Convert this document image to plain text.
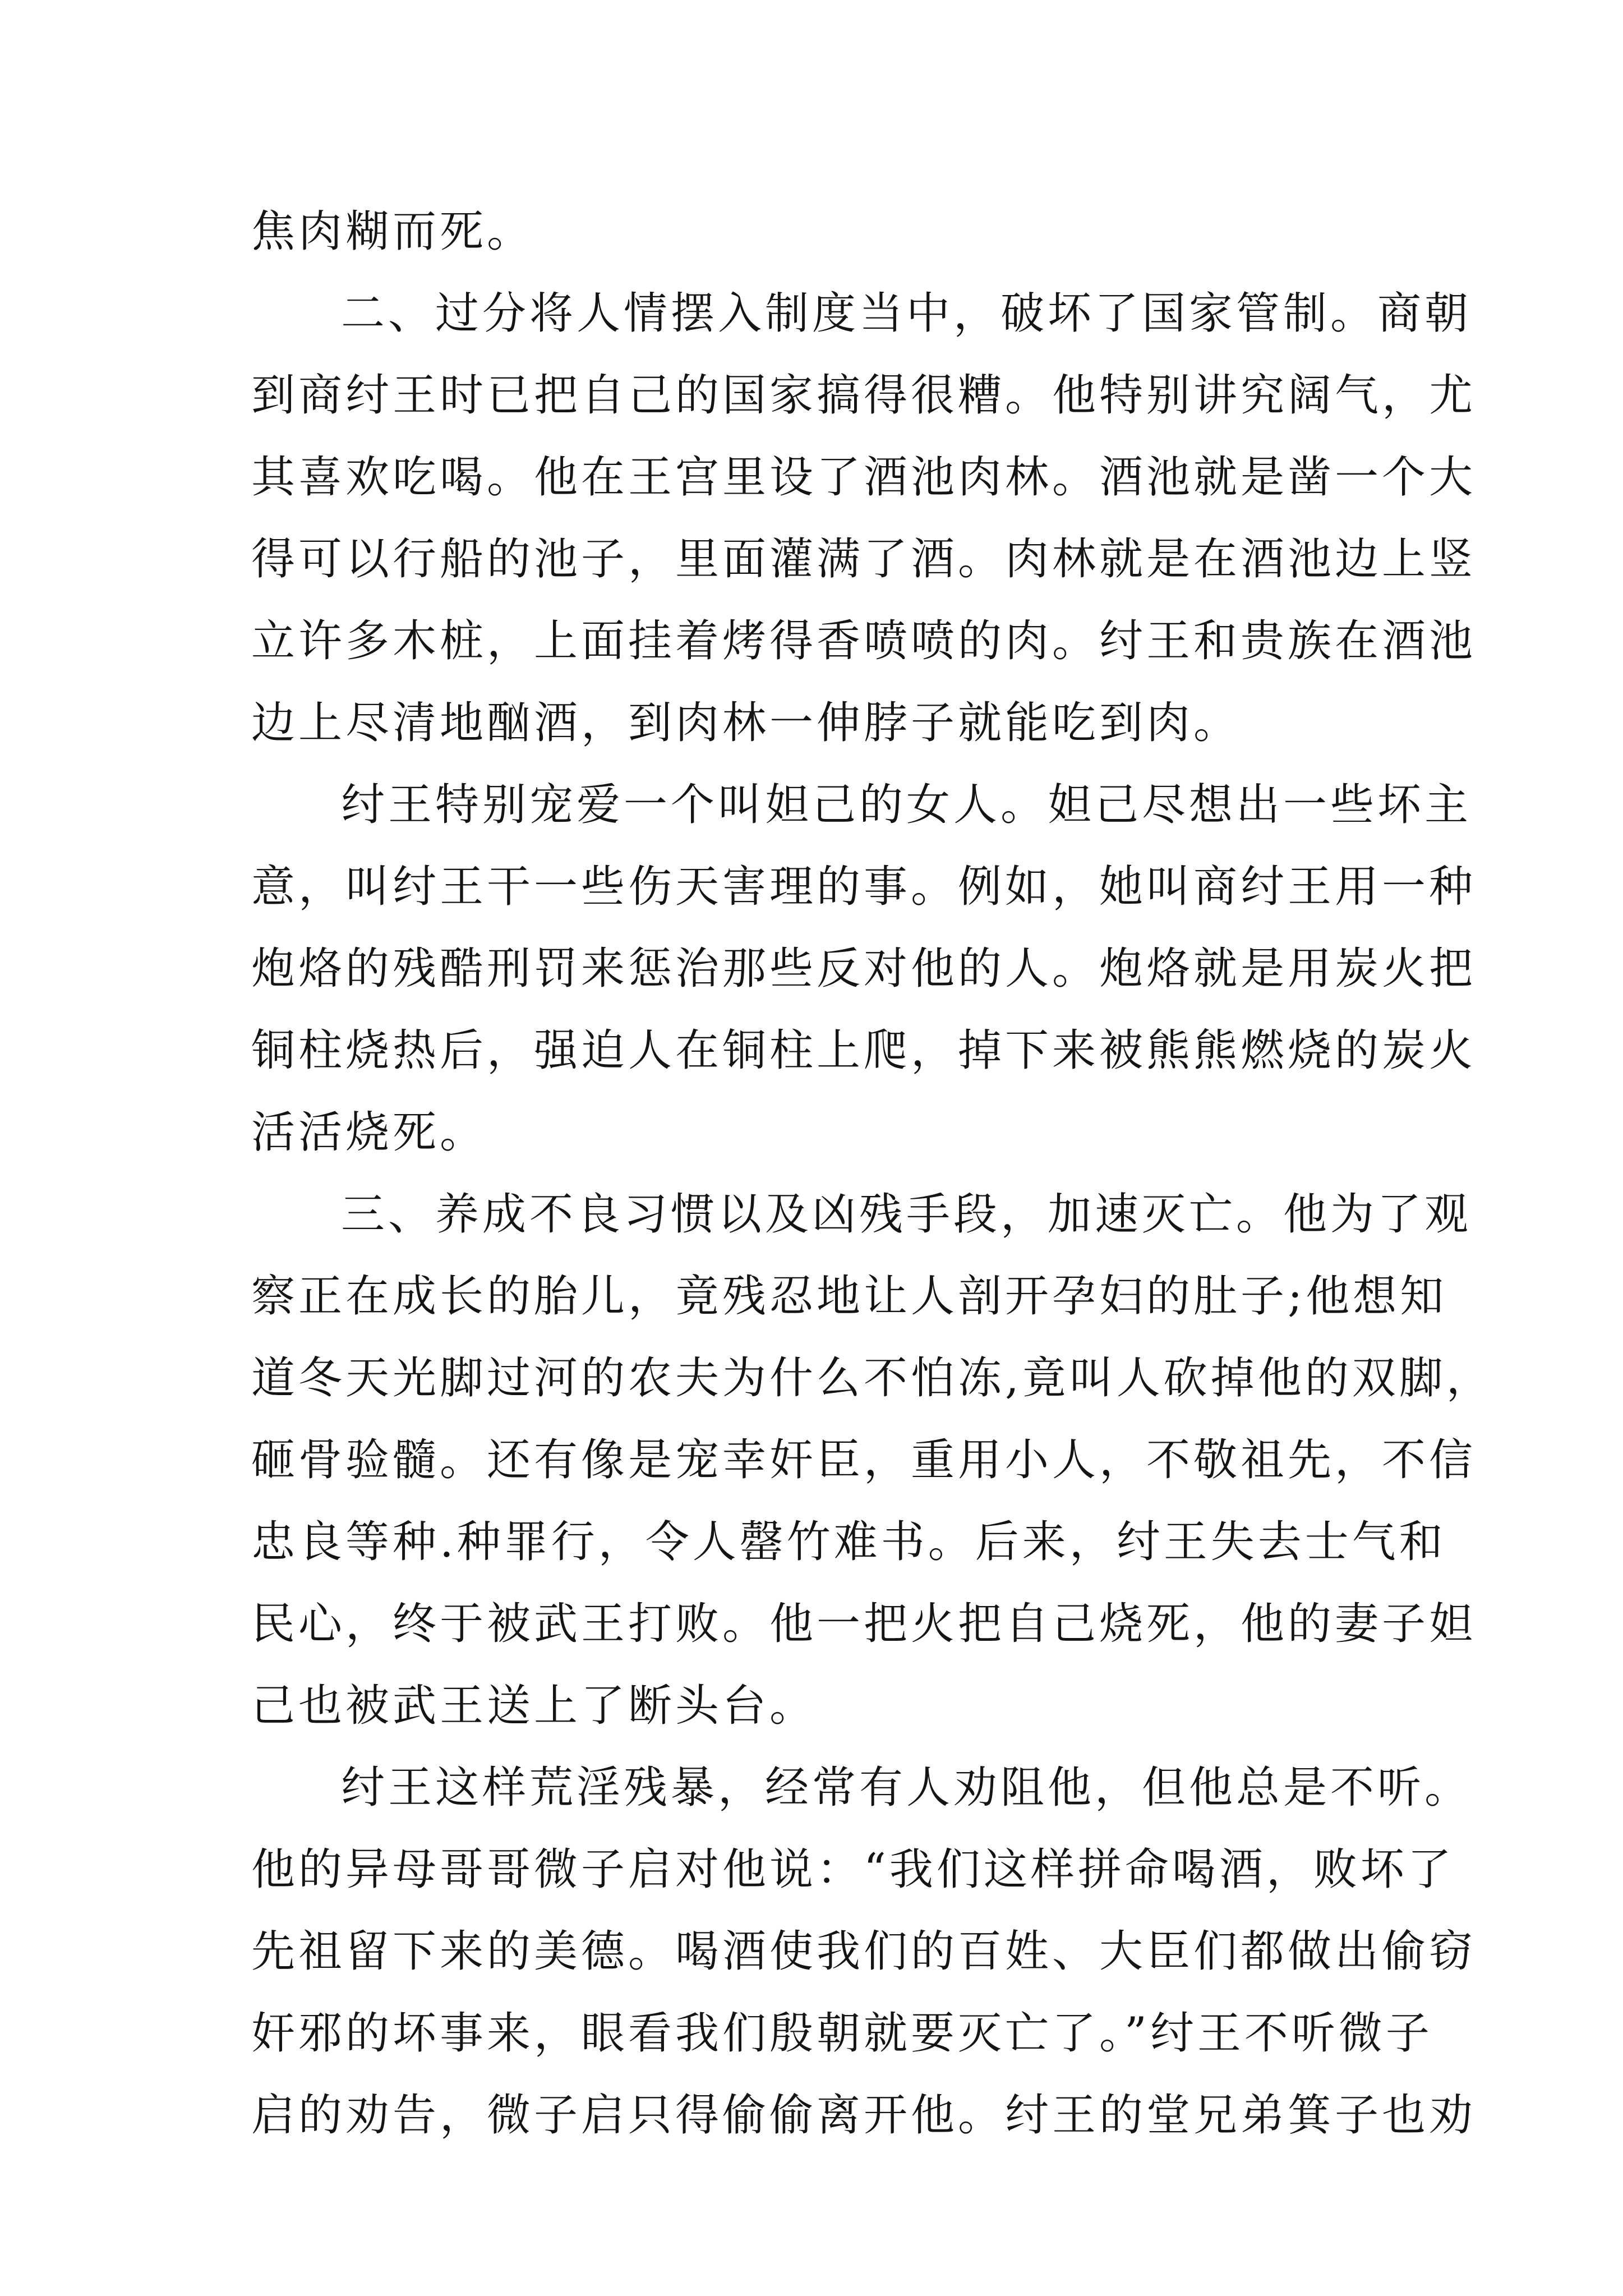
焦肉糊而死。
二、过分将人情摆入制度当中，破坏了国家管制。商朝
到商纣王时已把自己的国家搞得很糟。他特别讲究阔气，尤
其喜欢吃喝。他在王宫里设了酒池肉林。酒池就是凿一个大
得可以行船的池子，里面灌满了酒。肉林就是在酒池边上竖
立许多木桩，上面挂着烤得香喷喷的肉。纣王和贵族在酒池
边上尽清地酗酒，到肉林一伸脖子就能吃到肉。
纣王特别宠爱一个叫妲己的女人。妲己尽想出一些坏主
意，叫纣王干一些伤天害理的事。例如，她叫商纣王用一种
炮烙的残酷刑罚来惩治那些反对他的人。炮烙就是用炭火把
铜柱烧热后，强迫人在铜柱上爬，掉下来被熊熊燃烧的炭火
活活烧死。
三、养成不良习惯以及凶残手段，加速灭亡。他为了观
察正在成长的胎儿，竟残忍地让人剖开孕妇的肚子;他想知
道冬天光脚过河的农夫为什么不怕冻,竟叫人砍掉他的双脚，
砸骨验髓。还有像是宠幸奸臣，重用小人，不敬祖先，不信
忠良等种.种罪行，令人罄竹难书。后来，纣王失去士气和
民心，终于被武王打败。他一把火把自己烧死，他的妻子妲
己也被武王送上了断头台。
纣王这样荒淫残暴，经常有人劝阻他，但他总是不听。
他的异母哥哥微子启对他说：“我们这样拼命喝酒，败坏了
先祖留下来的美德。喝酒使我们的百姓、大臣们都做出偷窃
奸邪的坏事来，眼看我们殷朝就要灭亡了。”纣王不听微子
启的劝告，微子启只得偷偷离开他。纣王的堂兄弟箕子也劝
